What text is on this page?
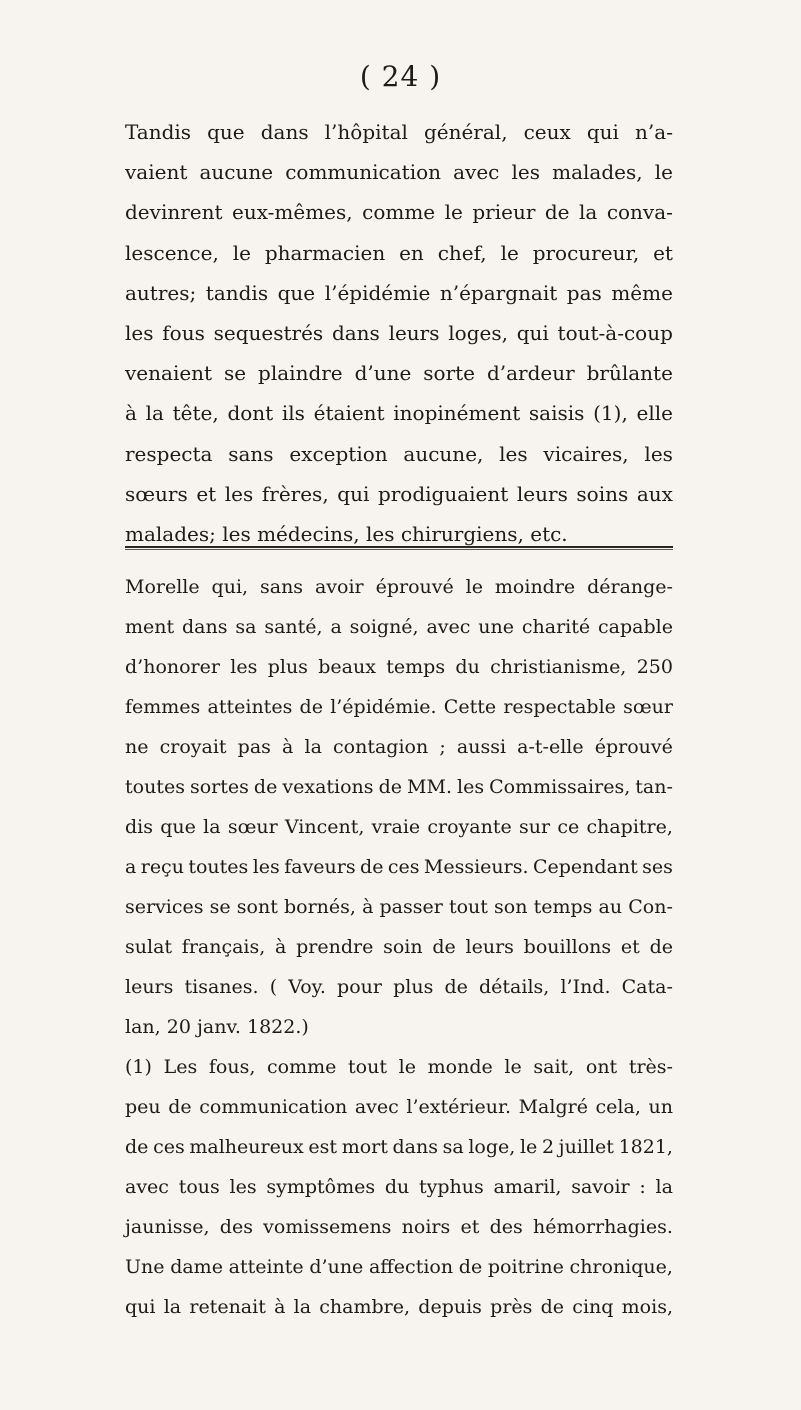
( 24 )
Tandis que dans l’hôpital général, ceux qui n’a-
vaient aucune communication avec les malades, le
devinrent eux-mêmes, comme le prieur de la conva-
lescence, le pharmacien en chef, le procureur, et
autres; tandis que l’épidémie n’épargnait pas même
les fous sequestrés dans leurs loges, qui tout-à-coup
venaient se plaindre d’une sorte d’ardeur brûlante
à la tête, dont ils étaient inopinément saisis (1), elle
respecta sans exception aucune, les vicaires, les
sœurs et les frères, qui prodiguaient leurs soins aux
malades;
les
médecins,
les
chirurgiens,
etc.
Morelle qui, sans avoir éprouvé le moindre dérange-
ment dans sa santé, a soigné, avec une charité capable
d’honorer les plus beaux temps du christianisme, 250
femmes atteintes de l’épidémie. Cette respectable sœur
ne croyait pas à la contagion ; aussi a-t-elle éprouvé
toutes sortes de vexations de MM. les Commissaires, tan-
dis que la sœur Vincent, vraie croyante sur ce chapitre,
a reçu toutes les faveurs de ces Messieurs. Cependant ses
services se sont bornés, à passer tout son temps au Con-
sulat français, à prendre soin de leurs bouillons et de
leurs tisanes. ( Voy. pour plus de détails, l’Ind. Cata-
lan,
20
janv.
1822.)
(1) Les fous, comme tout le monde le sait, ont très-
peu de communication avec l’extérieur. Malgré cela, un
de ces malheureux est mort dans sa loge, le 2 juillet 1821,
avec tous les symptômes du typhus amaril, savoir : la
jaunisse, des vomissemens noirs et des hémorrhagies.
Une dame atteinte d’une affection de poitrine chronique,
qui la retenait à la chambre, depuis près de cinq mois,
